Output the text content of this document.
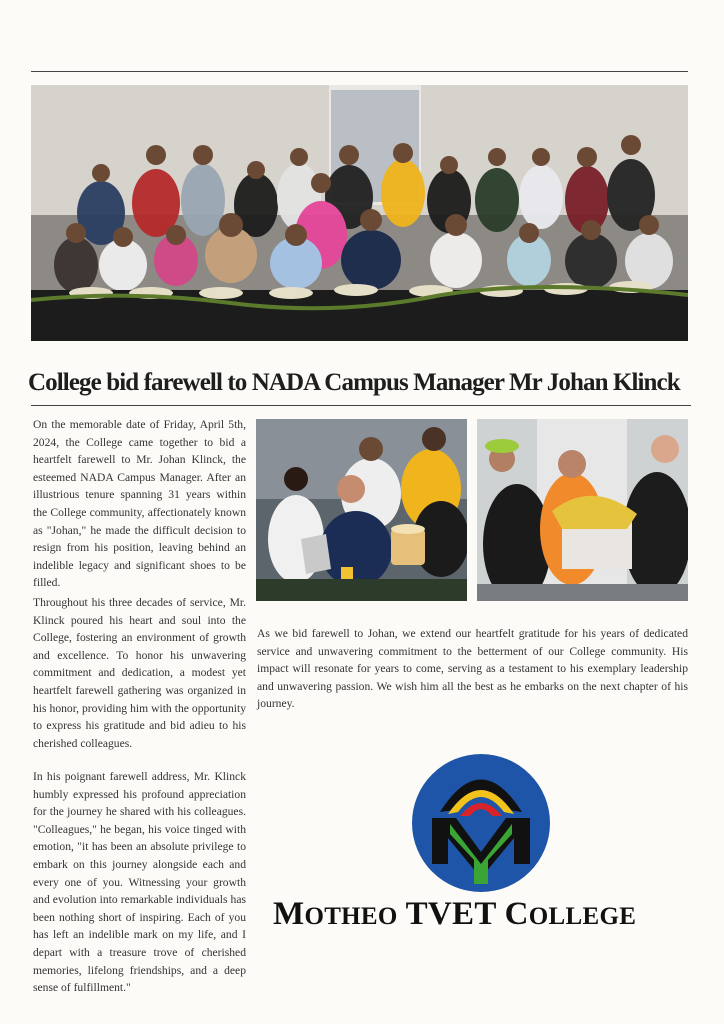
College bid farewell to NADA Campus Manager Mr Johan Klinck

On the memorable date of Friday, April 5th, 2024, the College came together to bid a heartfelt farewell to Mr. Johan Klinck, the esteemed NADA Campus Manager. After an illustrious tenure spanning 31 years within the College community, affectionately known as "Johan," he made the difficult decision to resign from his position, leaving behind an indelible legacy and significant shoes to be filled.

Throughout his three decades of service, Mr. Klinck poured his heart and soul into the College, fostering an environment of growth and excellence. To honor his unwavering commitment and dedication, a modest yet heartfelt farewell gathering was organized in his honor, providing him with the opportunity to express his gratitude and bid adieu to his cherished colleagues.

In his poignant farewell address, Mr. Klinck humbly expressed his profound appreciation for the journey he shared with his colleagues. "Colleagues," he began, his voice tinged with emotion, "it has been an absolute privilege to embark on this journey alongside each and every one of you. Witnessing your growth and evolution into remarkable individuals has been nothing short of inspiring. Each of you has left an indelible mark on my life, and I depart with a treasure trove of cherished memories, lifelong friendships, and a deep sense of fulfillment."

As we bid farewell to Johan, we extend our heartfelt gratitude for his years of dedicated service and unwavering commitment to the betterment of our College community. His impact will resonate for years to come, serving as a testament to his exemplary leadership and unwavering passion. We wish him all the best as he embarks on the next chapter of his journey.

MOTHEO TVET COLLEGE
